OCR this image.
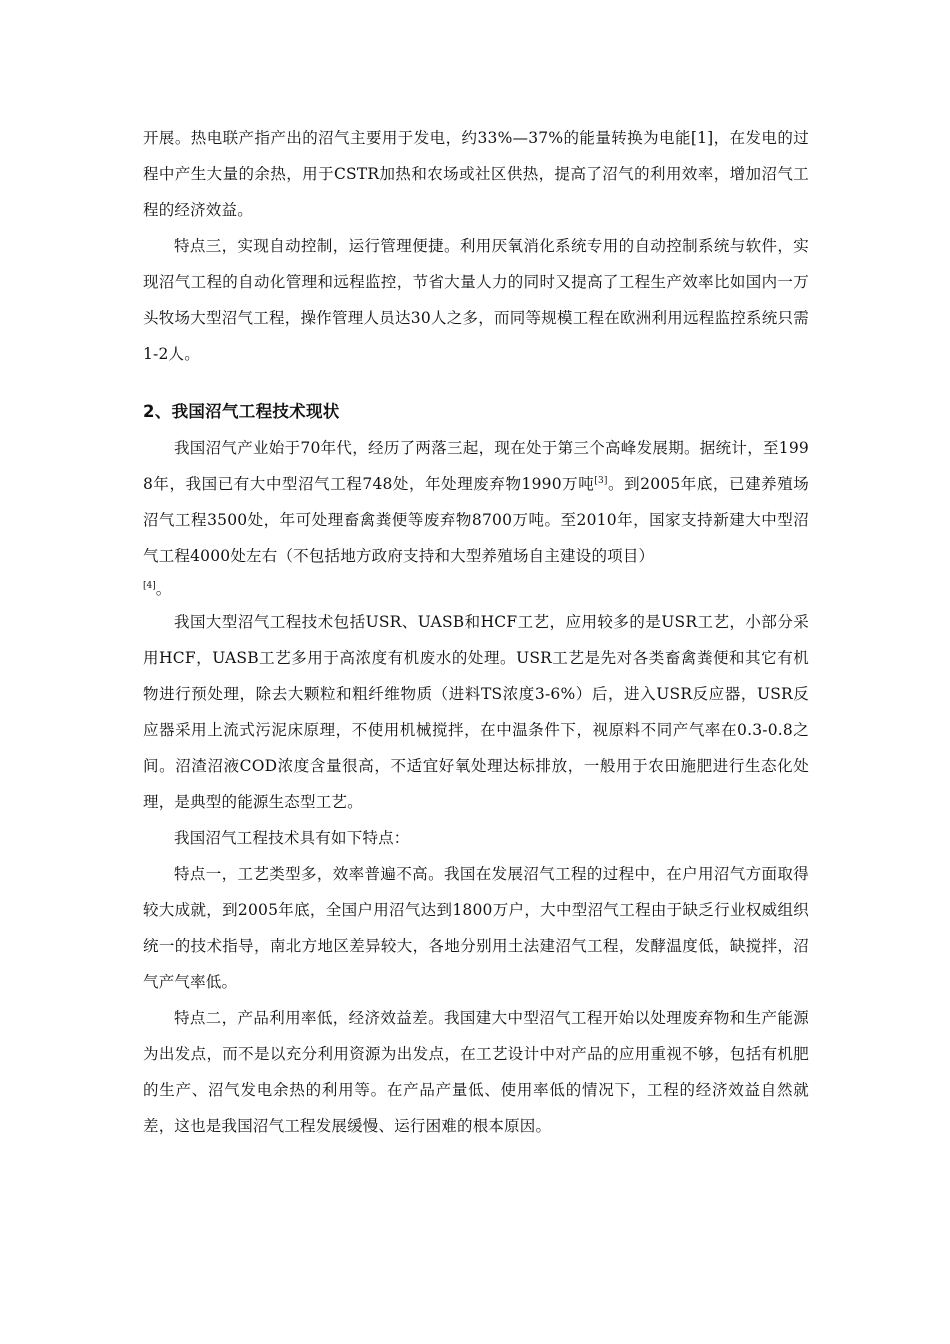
开展。热电联产指产出的沼气主要用于发电，约33%—37%的能量转换为电能[1]，在发电的过程中产生大量的余热，用于CSTR加热和农场或社区供热，提高了沼气的利用效率，增加沼气工程的经济效益。

特点三，实现自动控制，运行管理便捷。利用厌氧消化系统专用的自动控制系统与软件，实现沼气工程的自动化管理和远程监控，节省大量人力的同时又提高了工程生产效率比如国内一万头牧场大型沼气工程，操作管理人员达30人之多，而同等规模工程在欧洲利用远程监控系统只需1-2人。

2、我国沼气工程技术现状

我国沼气产业始于70年代，经历了两落三起，现在处于第三个高峰发展期。据统计，至1998年，我国已有大中型沼气工程748处，年处理废弃物1990万吨[3]。到2005年底，已建养殖场沼气工程3500处，年可处理畜禽粪便等废弃物8700万吨。至2010年，国家支持新建大中型沼气工程4000处左右（不包括地方政府支持和大型养殖场自主建设的项目）

[4]。

我国大型沼气工程技术包括USR、UASB和HCF工艺，应用较多的是USR工艺，小部分采用HCF，UASB工艺多用于高浓度有机废水的处理。USR工艺是先对各类畜禽粪便和其它有机物进行预处理，除去大颗粒和粗纤维物质（进料TS浓度3-6%）后，进入USR反应器，USR反应器采用上流式污泥床原理，不使用机械搅拌，在中温条件下，视原料不同产气率在0.3-0.8之间。沼渣沼液COD浓度含量很高，不适宜好氧处理达标排放，一般用于农田施肥进行生态化处理，是典型的能源生态型工艺。

我国沼气工程技术具有如下特点：

特点一，工艺类型多，效率普遍不高。我国在发展沼气工程的过程中，在户用沼气方面取得较大成就，到2005年底，全国户用沼气达到1800万户，大中型沼气工程由于缺乏行业权威组织统一的技术指导，南北方地区差异较大，各地分别用土法建沼气工程，发酵温度低，缺搅拌，沼气产气率低。

特点二，产品利用率低，经济效益差。我国建大中型沼气工程开始以处理废弃物和生产能源为出发点，而不是以充分利用资源为出发点，在工艺设计中对产品的应用重视不够，包括有机肥的生产、沼气发电余热的利用等。在产品产量低、使用率低的情况下，工程的经济效益自然就差，这也是我国沼气工程发展缓慢、运行困难的根本原因。
